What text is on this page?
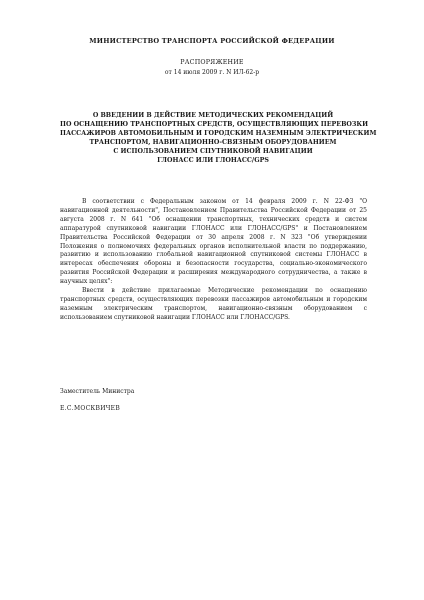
МИНИСТЕРСТВО ТРАНСПОРТА РОССИЙСКОЙ ФЕДЕРАЦИИ
РАСПОРЯЖЕНИЕ
от 14 июля 2009 г. N ИЛ-62-р
О ВВЕДЕНИИ В ДЕЙСТВИЕ МЕТОДИЧЕСКИХ РЕКОМЕНДАЦИЙ
ПО ОСНАЩЕНИЮ ТРАНСПОРТНЫХ СРЕДСТВ, ОСУЩЕСТВЛЯЮЩИХ ПЕРЕВОЗКИ
ПАССАЖИРОВ АВТОМОБИЛЬНЫМ И ГОРОДСКИМ НАЗЕМНЫМ ЭЛЕКТРИЧЕСКИМ
ТРАНСПОРТОМ, НАВИГАЦИОННО-СВЯЗНЫМ ОБОРУДОВАНИЕМ
С ИСПОЛЬЗОВАНИЕМ СПУТНИКОВОЙ НАВИГАЦИИ
ГЛОНАСС ИЛИ ГЛОНАСС/GPS

В соответствии с Федеральным законом от 14 февраля 2009 г. N 22-ФЗ "О навигационной деятельности", Постановлением Правительства Российской Федерации от 25 августа 2008 г. N 641 "Об оснащении транспортных, технических средств и систем аппаратурой спутниковой навигации ГЛОНАСС или ГЛОНАСС/GPS" и Постановлением Правительства Российской Федерации от 30 апреля 2008 г. N 323 "Об утверждении Положения о полномочиях федеральных органов исполнительной власти по поддержанию, развитию и использованию глобальной навигационной спутниковой системы ГЛОНАСС в интересах обеспечения обороны и безопасности государства, социально-экономического развития Российской Федерации и расширения международного сотрудничества, а также в научных целях":

Ввести в действие прилагаемые Методические рекомендации по оснащению транспортных средств, осуществляющих перевозки пассажиров автомобильным и городским наземным электрическим транспортом, навигационно-связным оборудованием с использованием спутниковой навигации ГЛОНАСС или ГЛОНАСС/GPS.

Заместитель Министра
Е.С.МОСКВИЧЕВ
